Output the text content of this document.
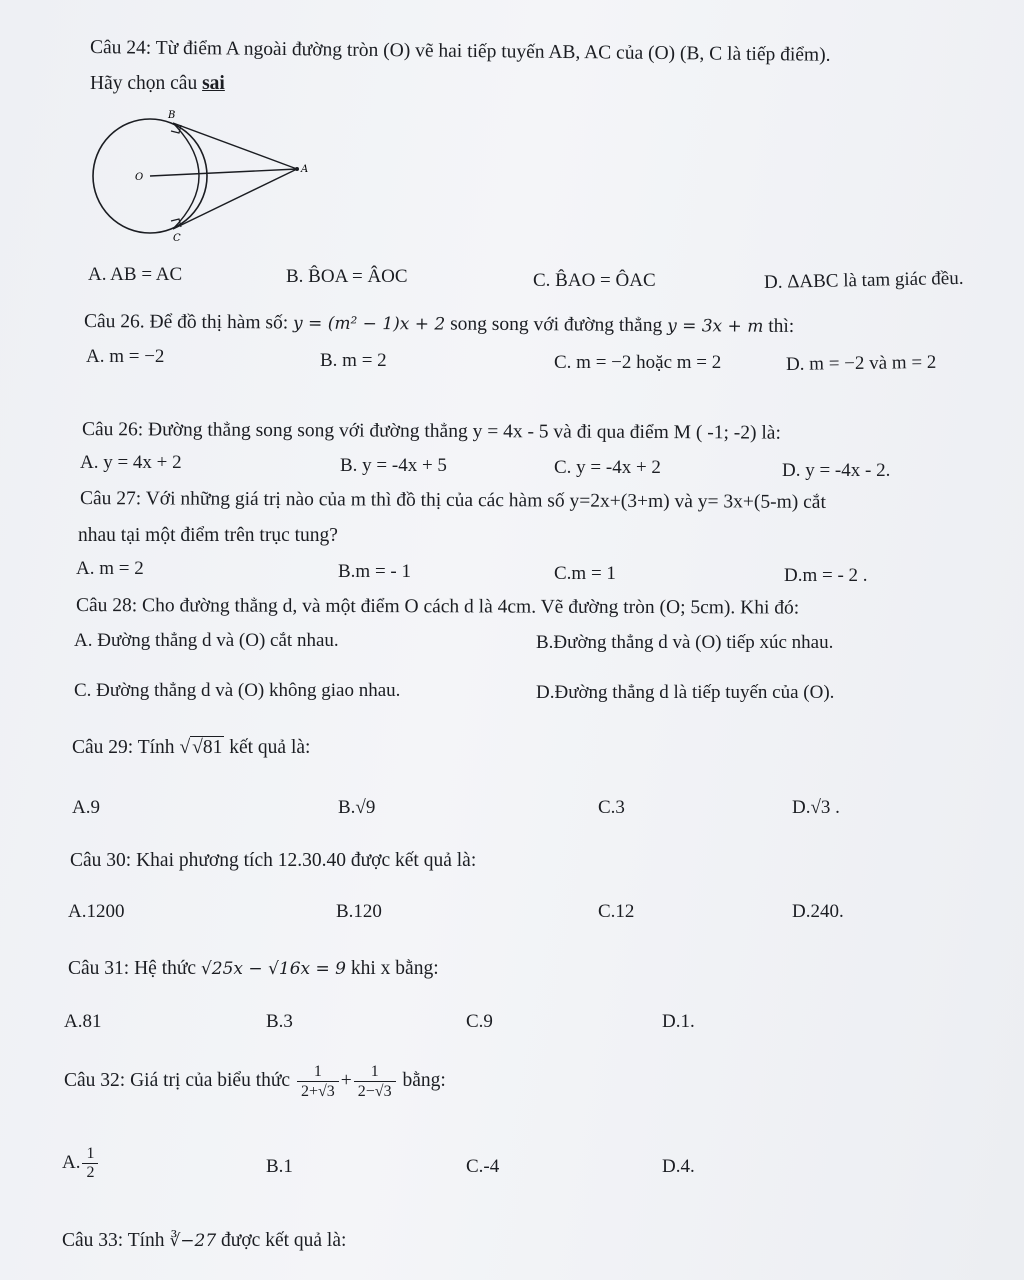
Câu 24: Từ điểm A ngoài đường tròn (O) vẽ hai tiếp tuyến AB, AC của (O) (B, C là tiếp điểm).
Hãy chọn câu sai
B
O
A
C
A. AB = AC	B. B̂OA = ÂOC	C. B̂AO = ÔAC	D. ΔABC là tam giác đều.
Câu 26. Để đồ thị hàm số: y = (m² − 1)x + 2 song song với đường thẳng y = 3x + m thì:
A. m = −2	B. m = 2	C. m = −2 hoặc m = 2	D. m = −2 và m = 2
Câu 26: Đường thẳng song song với đường thẳng y = 4x - 5 và đi qua điểm M ( -1; -2) là:
A. y = 4x + 2	B. y = -4x + 5	C. y = -4x + 2	D. y = -4x - 2.
Câu 27: Với những giá trị nào của m thì đồ thị của các hàm số y=2x+(3+m) và y= 3x+(5-m) cắt
nhau tại một điểm trên trục tung?
A. m = 2	B.m = - 1	C.m = 1	D.m = - 2 .
Câu 28: Cho đường thẳng d, và một điểm O cách d là 4cm. Vẽ đường tròn (O; 5cm). Khi đó:
A. Đường thẳng d và (O) cắt nhau.	B.Đường thẳng d và (O) tiếp xúc nhau.
C. Đường thẳng d và (O) không giao nhau.	D.Đường thẳng d là tiếp tuyến của (O).
Câu 29: Tính √ √81 kết quả là:
A.9	B.√9	C.3	D.√3 .
Câu 30: Khai phương tích 12.30.40 được kết quả là:
A.1200	B.120	C.12	D.240.
Câu 31: Hệ thức √25x − √16x = 9 khi x bằng:
A.81	B.3	C.9	D.1.
Câu 32: Giá trị của biểu thức $\frac{1}{2+√3} + \frac{1}{2-√3}$ bằng:
A. $\frac{1}{2}$	B.1	C.-4	D.4.
Câu 33: Tính ∛−27 được kết quả là:
